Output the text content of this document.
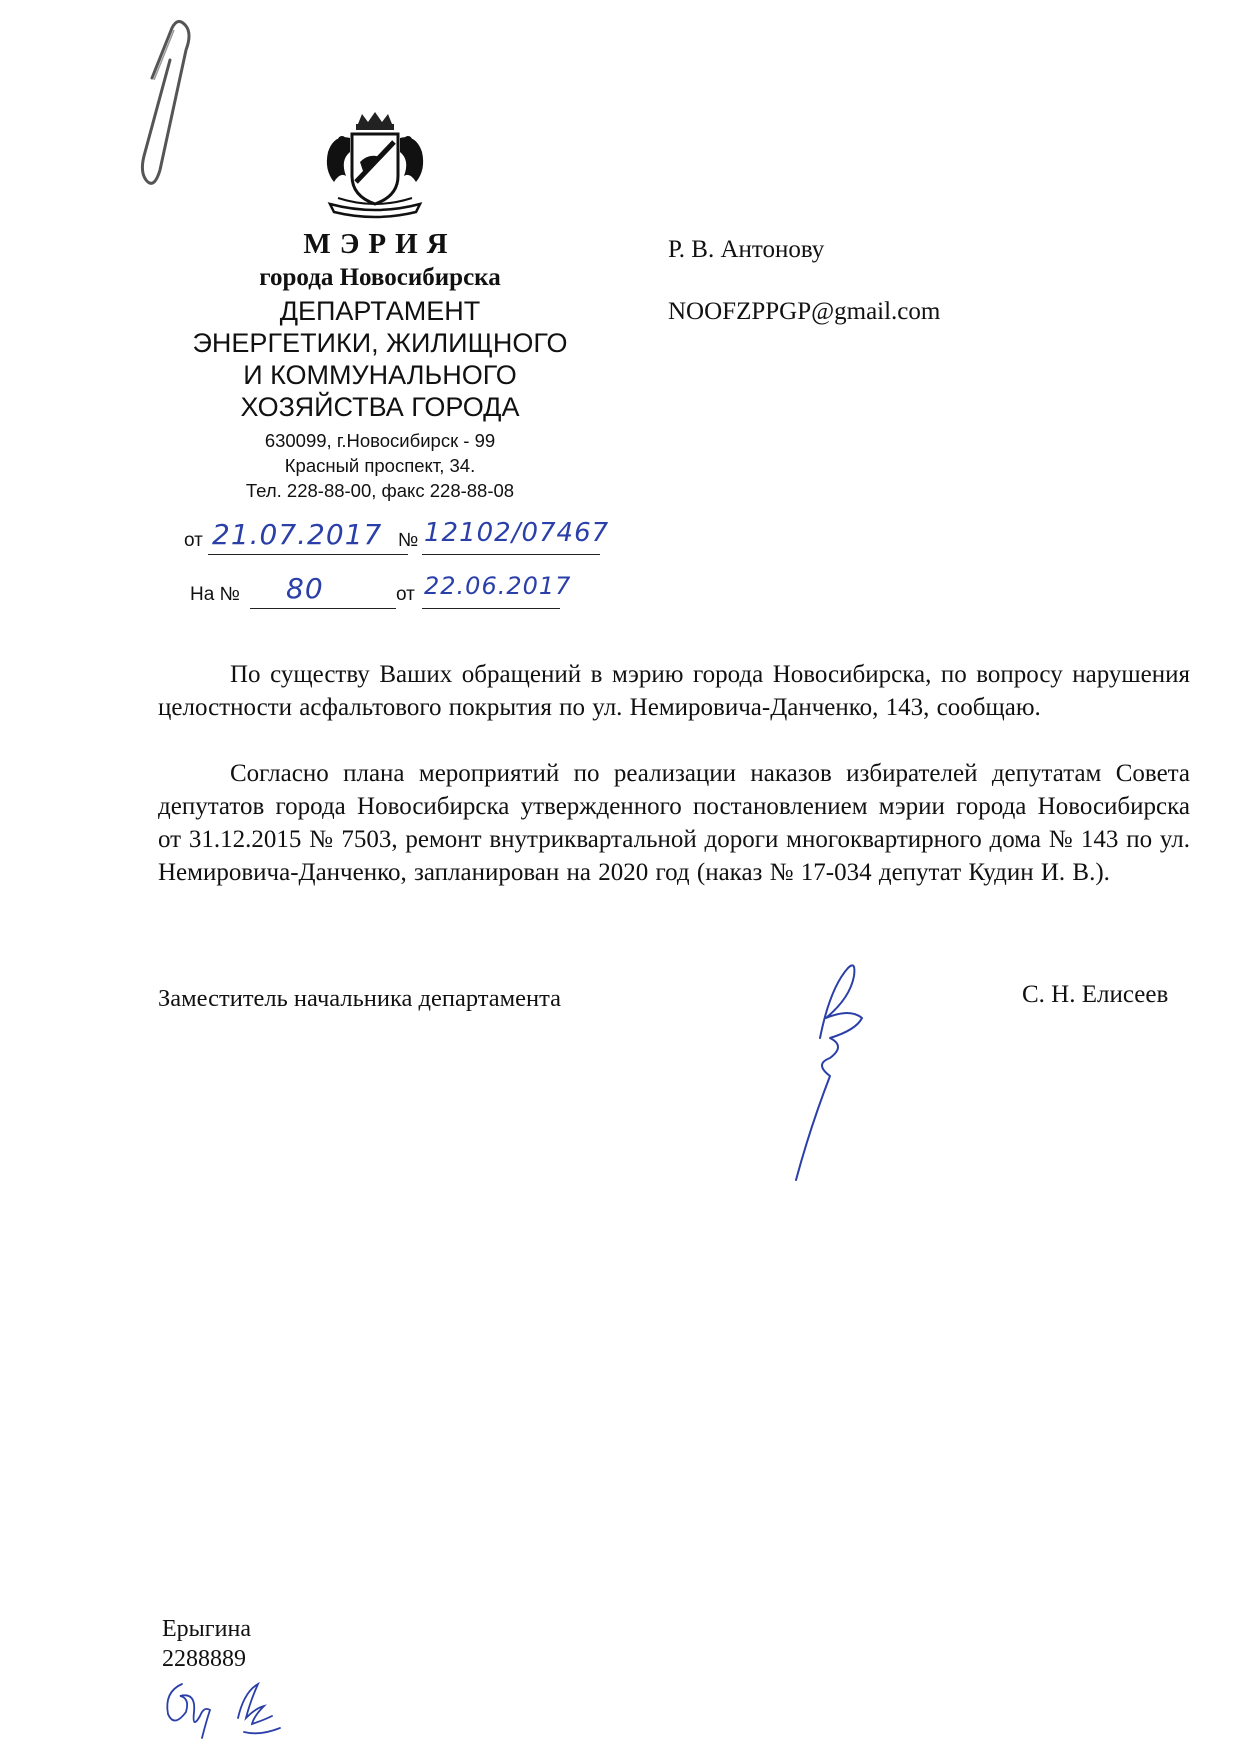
МЭРИЯ
города Новосибирска
ДЕПАРТАМЕНТ
ЭНЕРГЕТИКИ, ЖИЛИЩНОГО
И КОММУНАЛЬНОГО
ХОЗЯЙСТВА ГОРОДА
630099, г.Новосибирск - 99
Красный проспект, 34.
Тел. 228-88-00, факс 228-88-08
от 21.07.2017 № 12102/07467
На № 80	от 22.06.2017
Р. В. Антонову
NOOFZPPGP@gmail.com
По существу Ваших обращений в мэрию города Новосибирска, по вопросу нарушения целостности асфальтового покрытия по ул. Немировича-Данченко, 143, сообщаю.
Согласно плана мероприятий по реализации наказов избирателей депутатам Совета депутатов города Новосибирска утвержденного постановлением мэрии города Новосибирска от 31.12.2015 № 7503, ремонт внутриквартальной дороги многоквартирного дома № 143 по ул. Немировича-Данченко, запланирован на 2020 год (наказ № 17-034 депутат Кудин И. В.).
Заместитель начальника департамента	С. Н. Елисеев
Ерыгина
2288889
